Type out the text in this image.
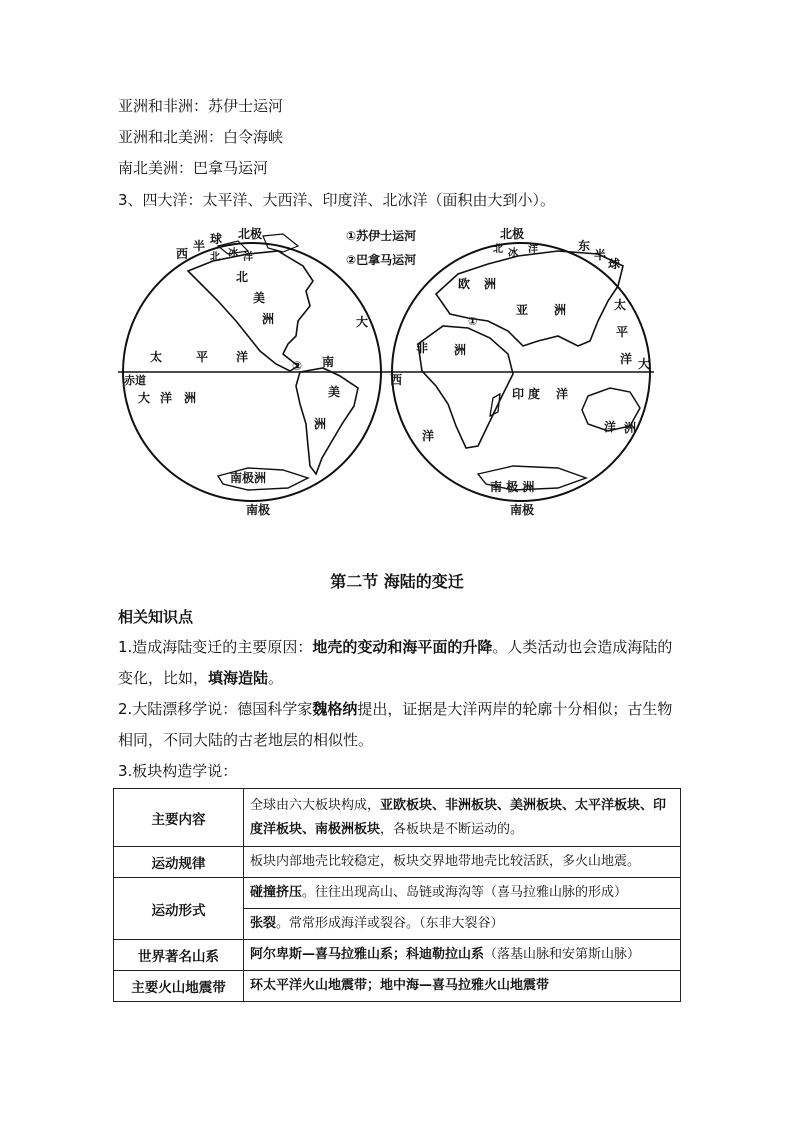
亚洲和非洲：苏伊士运河
亚洲和北美洲：白令海峡
南北美洲：巴拿马运河
3、四大洋：太平洋、大西洋、印度洋、北冰洋（面积由大到小）。
西
半 球 北极
北 冰 洋
北
美
洲	大
太	平 洋
② 南
赤道
大 洋 洲	美
洲
南极洲
南极
①苏伊士运河
②巴拿马运河
北极
北 冰 洋	东
半
球
欧 洲
亚 洲	太
平
洋 大
①
非 洲
西
印 度 洋
洋
洋 洲
南 极 洲
南极
第二节 海陆的变迁
相关知识点
1.造成海陆变迁的主要原因：地壳的变动和海平面的升降。人类活动也会造成海陆的变化，比如，填海造陆。
2.大陆漂移学说：德国科学家魏格纳提出，证据是大洋两岸的轮廓十分相似；古生物相同，不同大陆的古老地层的相似性。
3.板块构造学说：
主要内容	全球由六大板块构成，亚欧板块、非洲板块、美洲板块、太平洋板块、印度洋板块、南极洲板块，各板块是不断运动的。
运动规律	板块内部地壳比较稳定，板块交界地带地壳比较活跃，多火山地震。
运动形式	碰撞挤压。往往出现高山、岛链或海沟等（喜马拉雅山脉的形成）
	张裂。常常形成海洋或裂谷。（东非大裂谷）
世界著名山系	阿尔卑斯—喜马拉雅山系；科迪勒拉山系（落基山脉和安第斯山脉）
主要火山地震带	环太平洋火山地震带；地中海—喜马拉雅火山地震带
